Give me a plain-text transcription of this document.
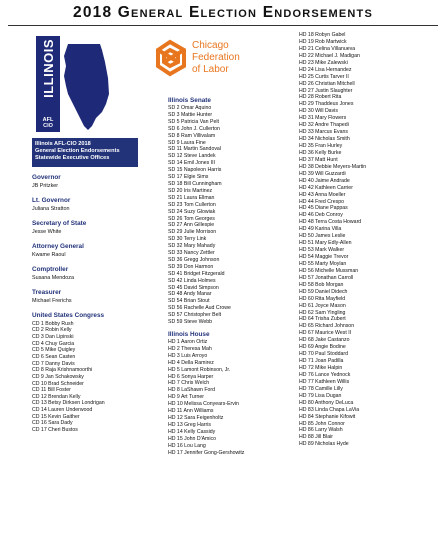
2018 General Election Endorsements
ILLINOIS
AFL
CIO
Illinois AFL-CIO 2018
General Election Endorsements
Statewide Executive Offices
Governor
JB Pritzker
Lt. Governor
Juliana Stratton
Secretary of State
Jesse White
Attorney General
Kwame Raoul
Comptroller
Susana Mendoza
Treasurer
Michael Frerichs
United States Congress
CD 1 Bobby Rush
CD 2 Robin Kelly
CD 3 Dan Lipinski
CD 4 Chuy Garcia
CD 5 Mike Quigley
CD 6 Sean Casten
CD 7 Danny Davis
CD 8 Raja Krishnamoorthi
CD 9 Jan Schakowsky
CD 10 Brad Schneider
CD 11 Bill Foster
CD 12 Brendan Kelly
CD 13 Betsy Dirksen Londrigan
CD 14 Lauren Underwood
CD 15 Kevin Gaither
CD 16 Sara Dady
CD 17 Cheri Bustos
Chicago
Federation
of Labor
Illinois Senate
SD 2 Omar Aquino
SD 3 Mattie Hunter
SD 5 Patricia Van Pelt
SD 6 John J. Cullerton
SD 8 Ram Villivalam
SD 9 Laura Fine
SD 11 Martin Sandoval
SD 12 Steve Landek
SD 14 Emil Jones III
SD 15 Napoleon Harris
SD 17 Elgie Sims
SD 18 Bill Cunningham
SD 20 Iris Martinez
SD 21 Laura Ellman
SD 23 Tom Cullerton
SD 24 Suzy Glowiak
SD 26 Tom Georges
SD 27 Ann Gillespie
SD 29 Julie Morrison
SD 30 Terry Link
SD 32 Mary Mahady
SD 33 Nancy Zettler
SD 36 Gregg Johnson
SD 39 Don Harmon
SD 41 Bridget Fitzgerald
SD 42 Linda Holmes
SD 45 David Simpson
SD 48 Andy Manar
SD 54 Brian Stout
SD 56 Rachelle Aud Crowe
SD 57 Christopher Belt
SD 59 Steve Webb
Illinois House
HD 1 Aaron Ortiz
HD 2 Theresa Mah
HD 3 Luis Arroyo
HD 4 Della Ramirez
HD 5 Lamont Robinson, Jr.
HD 6 Sonya Harper
HD 7 Chris Welch
HD 8 LaShawn Ford
HD 9 Art Turner
HD 10 Melissa Conyears-Ervin
HD 11 Ann Williams
HD 12 Sara Feigenholtz
HD 13 Greg Harris
HD 14 Kelly Cassidy
HD 15 John D'Amico
HD 16 Lou Lang
HD 17 Jennifer Gong-Gershowitz
HD 18 Robyn Gabel
HD 19 Rob Martwick
HD 21 Celina Villanueva
HD 22 Michael J. Madigan
HD 23 Mike Zalewski
HD 24 Lisa Hernandez
HD 25 Curtis Tarver II
HD 26 Christian Mitchell
HD 27 Justin Slaughter
HD 28 Robert Rita
HD 29 Thaddeus Jones
HD 30 Will Davis
HD 31 Mary Flowers
HD 32 Andre Thapedi
HD 33 Marcus Evans
HD 34 Nicholas Smith
HD 35 Fran Hurley
HD 36 Kelly Burke
HD 37 Matt Hunt
HD 38 Debbie Meyers-Martin
HD 39 Will Guzzardi
HD 40 Jaime Andrade
HD 42 Kathleen Carrier
HD 43 Anna Moeller
HD 44 Fred Crespo
HD 45 Diane Pappas
HD 46 Deb Conroy
HD 48 Terra Costa Howard
HD 49 Karina Villa
HD 50 James Leslie
HD 51 Mary Edly-Allen
HD 53 Mark Walker
HD 54 Maggie Trevor
HD 55 Marty Moylan
HD 56 Michelle Mussman
HD 57 Jonathan Carroll
HD 58 Bob Morgan
HD 59 Daniel Didech
HD 60 Rita Mayfield
HD 61 Joyce Mason
HD 62 Sam Yingling
HD 64 Trisha Zubert
HD 65 Richard Johnson
HD 67 Maurice West II
HD 68 Jake Castanzo
HD 69 Angie Bodine
HD 70 Paul Stoddard
HD 71 Joan Padilla
HD 72 Mike Halpin
HD 76 Lance Yednock
HD 77 Kathleen Willis
HD 78 Camille Lilly
HD 79 Lisa Dugan
HD 80 Anthony DeLuca
HD 83 Linda Chapa LaVia
HD 84 Stephanie Kifowit
HD 85 John Connor
HD 86 Larry Walsh
HD 88 Jill Blair
HD 89 Nicholas Hyde
